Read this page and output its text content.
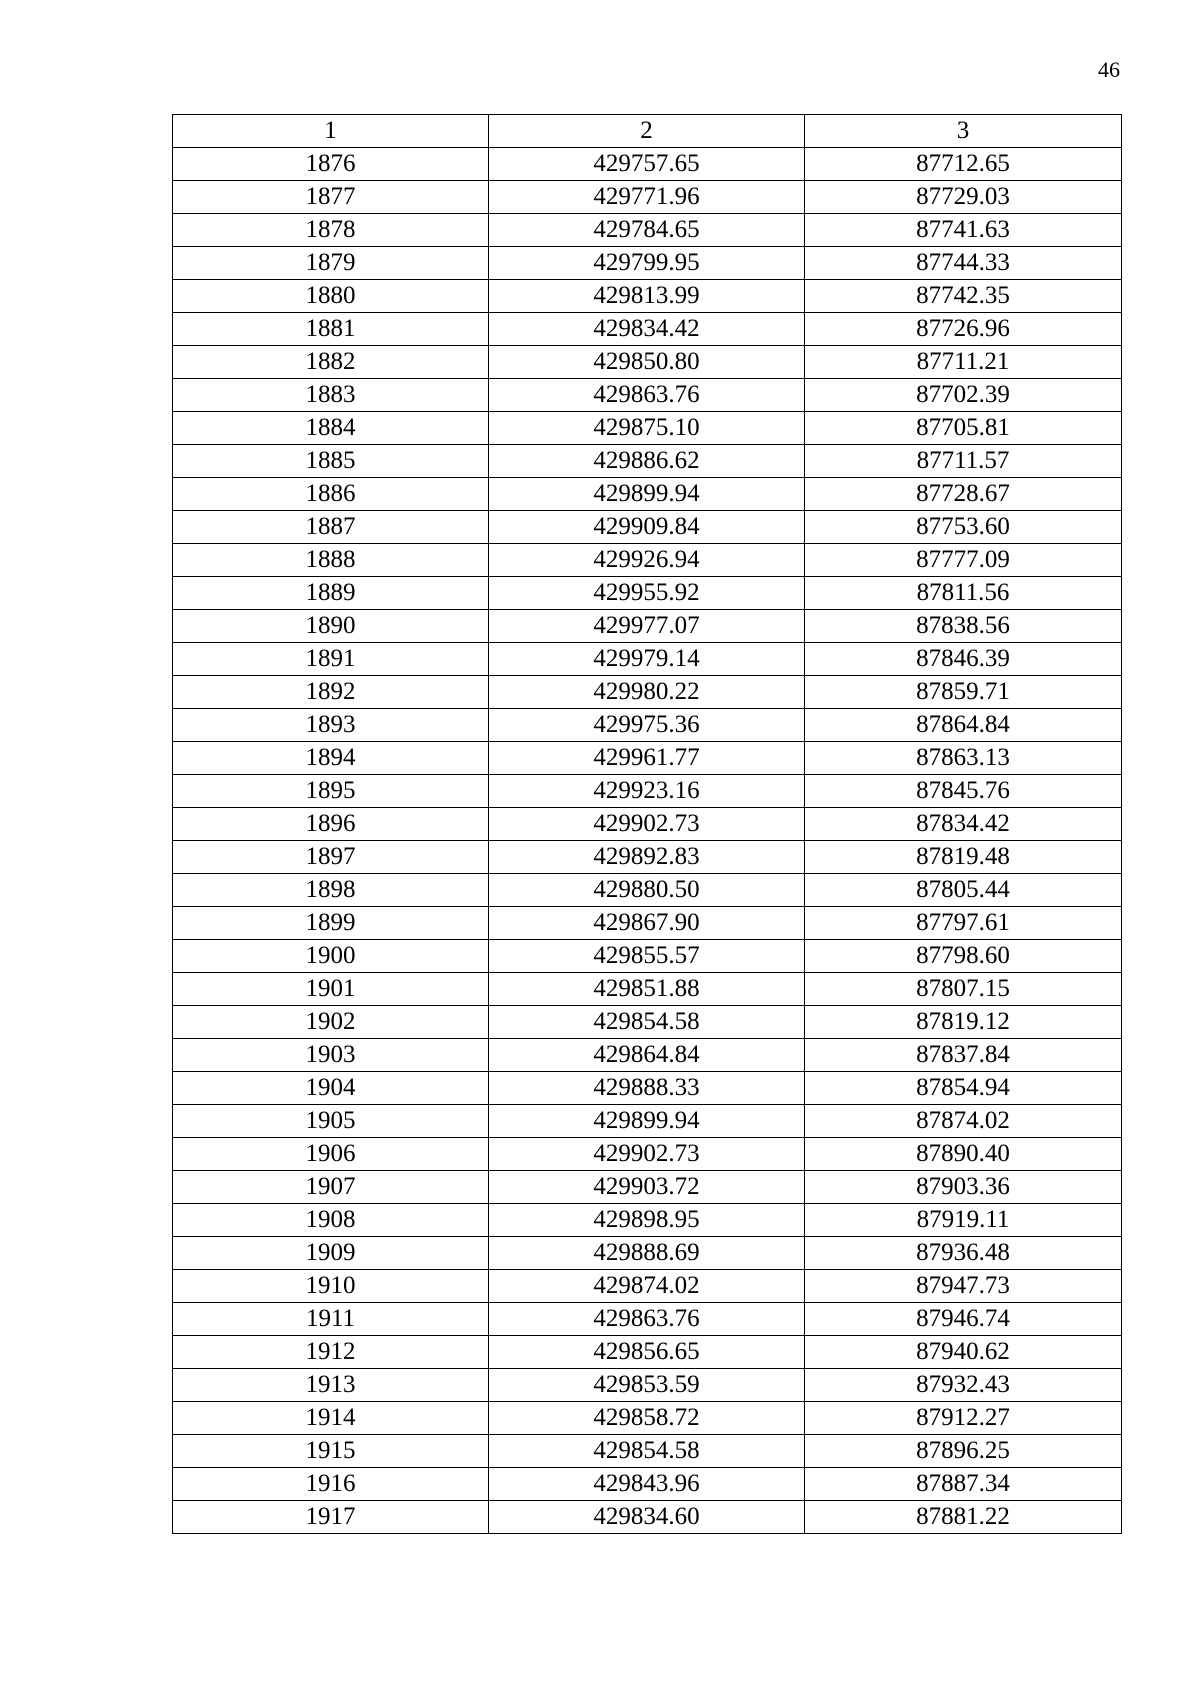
46
1	2	3
1876	429757.65	87712.65
1877	429771.96	87729.03
1878	429784.65	87741.63
1879	429799.95	87744.33
1880	429813.99	87742.35
1881	429834.42	87726.96
1882	429850.80	87711.21
1883	429863.76	87702.39
1884	429875.10	87705.81
1885	429886.62	87711.57
1886	429899.94	87728.67
1887	429909.84	87753.60
1888	429926.94	87777.09
1889	429955.92	87811.56
1890	429977.07	87838.56
1891	429979.14	87846.39
1892	429980.22	87859.71
1893	429975.36	87864.84
1894	429961.77	87863.13
1895	429923.16	87845.76
1896	429902.73	87834.42
1897	429892.83	87819.48
1898	429880.50	87805.44
1899	429867.90	87797.61
1900	429855.57	87798.60
1901	429851.88	87807.15
1902	429854.58	87819.12
1903	429864.84	87837.84
1904	429888.33	87854.94
1905	429899.94	87874.02
1906	429902.73	87890.40
1907	429903.72	87903.36
1908	429898.95	87919.11
1909	429888.69	87936.48
1910	429874.02	87947.73
1911	429863.76	87946.74
1912	429856.65	87940.62
1913	429853.59	87932.43
1914	429858.72	87912.27
1915	429854.58	87896.25
1916	429843.96	87887.34
1917	429834.60	87881.22
